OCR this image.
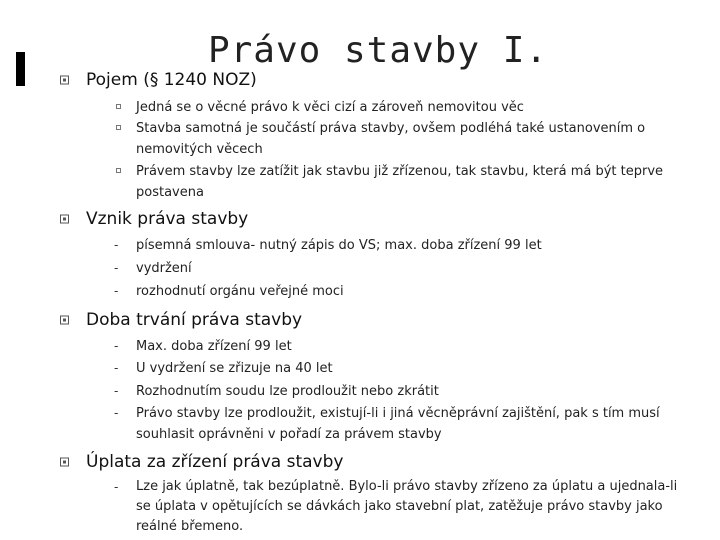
Právo stavby I.
Pojem (§ 1240 NOZ)
Jedná se o věcné právo k věci cizí a zároveň nemovitou věc
Stavba samotná je součástí práva stavby, ovšem podléhá také ustanovením o nemovitých věcech
Právem stavby lze zatížit jak stavbu již zřízenou, tak stavbu, která má být teprve postavena
Vznik práva stavby
- písemná smlouva- nutný zápis do VS; max. doba zřízení 99 let
- vydržení
- rozhodnutí orgánu veřejné moci
Doba trvání práva stavby
- Max. doba zřízení 99 let
- U vydržení se zřizuje na 40 let
- Rozhodnutím soudu lze prodloužit nebo zkrátit
- Právo stavby lze prodloužit, existují-li i jiná věcněprávní zajištění, pak s tím musí souhlasit oprávněni v pořadí za právem stavby
Úplata za zřízení práva stavby
- Lze jak úplatně, tak bezúplatně. Bylo-li právo stavby zřízeno za úplatu a ujednala-li se úplata v opětujících se dávkách jako stavební plat, zatěžuje právo stavby jako reálné břemeno.
